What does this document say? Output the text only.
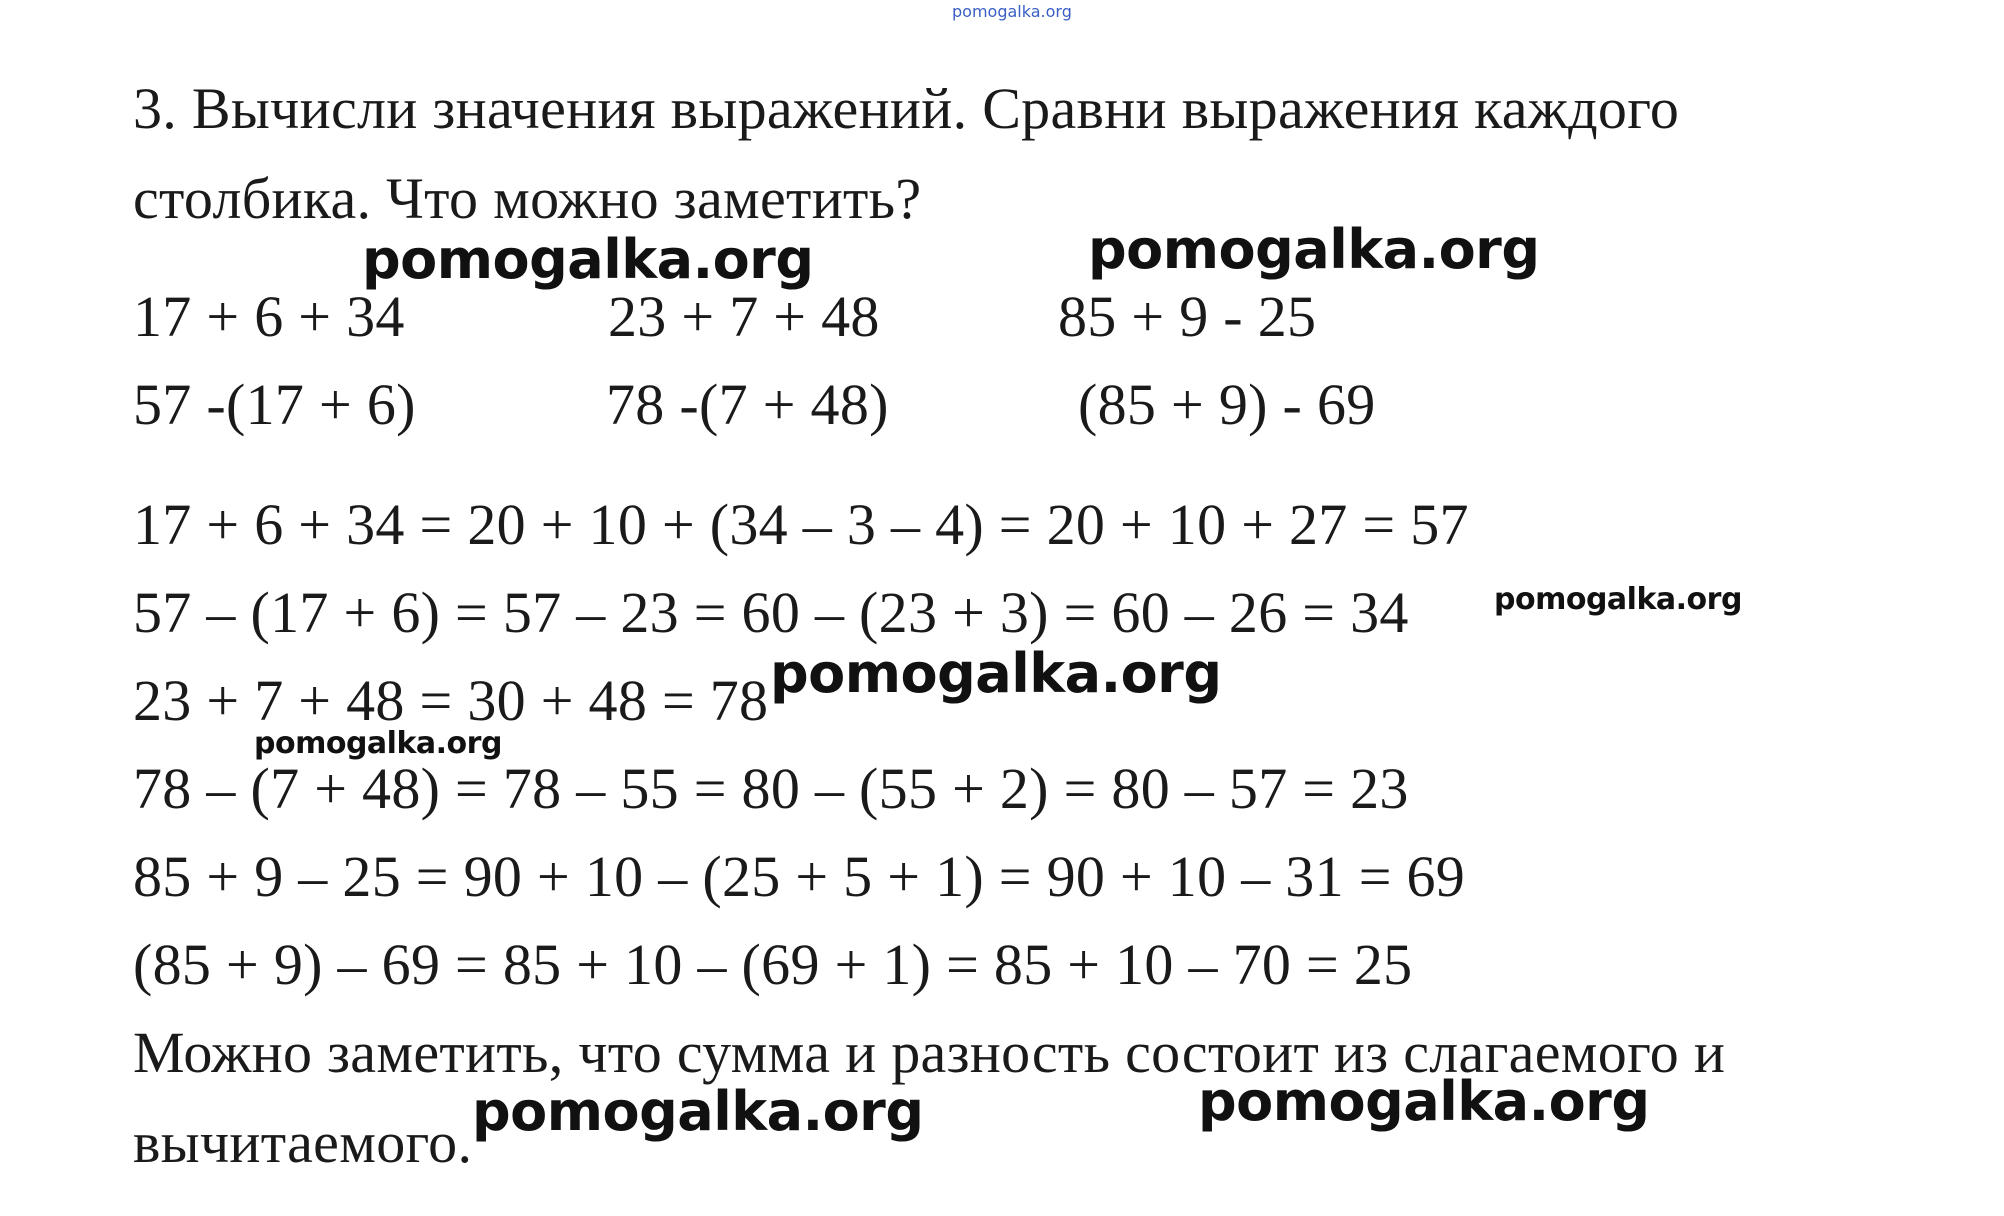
pomogalka.org
3. Вычисли значения выражений. Сравни выражения каждого
столбика. Что можно заметить?
pomogalka.org	pomogalka.org
17 + 6 + 34	23 + 7 + 48	85 + 9 - 25
57 -(17 + 6)	78 -(7 + 48)	(85 + 9) - 69
17 + 6 + 34 = 20 + 10 + (34 – 3 – 4) = 20 + 10 + 27 = 57
57 – (17 + 6) = 57 – 23 = 60 – (23 + 3) = 60 – 26 = 34	pomogalka.org
23 + 7 + 48 = 30 + 48 = 78 pomogalka.org
pomogalka.org
78 – (7 + 48) = 78 – 55 = 80 – (55 + 2) = 80 – 57 = 23
85 + 9 – 25 = 90 + 10 – (25 + 5 + 1) = 90 + 10 – 31 = 69
(85 + 9) – 69 = 85 + 10 – (69 + 1) = 85 + 10 – 70 = 25
Можно заметить, что сумма и разность состоит из слагаемого и
вычитаемого. pomogalka.org	pomogalka.org
